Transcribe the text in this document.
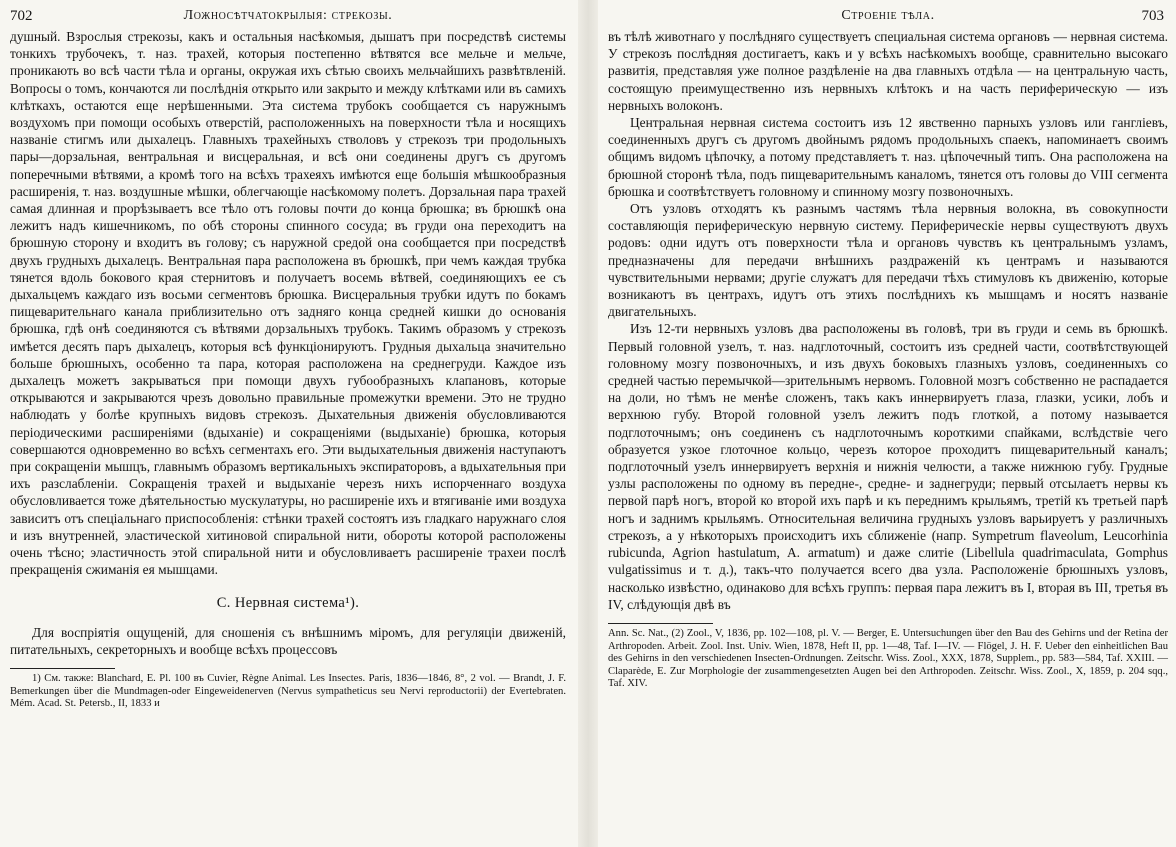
702	Ложносѣтчатокрылыя: стрекозы.

душный. Взрослыя стрекозы, какъ и остальныя насѣкомыя, дышатъ при посредствѣ системы тонкихъ трубочекъ, т. наз. трахей, которыя постепенно вѣтвятся все мельче и мельче, проникають во всѣ части тѣла и органы, окружая ихъ сѣтью своихъ мельчайшихъ развѣтвленій. Вопросы о томъ, кончаются ли послѣднія открыто или закрыто и между клѣтками или въ самихъ клѣткахъ, остаются еще нерѣшенными. Эта система трубокъ сообщается съ наружнымъ воздухомъ при помощи особыхъ отверстій, расположенныхъ на поверхности тѣла и носящихъ названіе стигмъ или дыхалецъ. Главныхъ трахейныхъ стволовъ у стрекозъ три продольныхъ пары—дорзальная, вентральная и висцеральная, и всѣ они соединены другъ съ другомъ поперечными вѣтвями, а кромѣ того на всѣхъ трахеяхъ имѣются еще большія мѣшкообразныя расширенія, т. наз. воздушные мѣшки, облегчающіе насѣкомому полетъ. Дорзальная пара трахей самая длинная и прорѣзываетъ все тѣло отъ головы почти до конца брюшка; въ брюшкѣ она лежитъ надъ кишечникомъ, по обѣ стороны спинного сосуда; въ груди она переходитъ на брюшную сторону и входитъ въ голову; съ наружной средой она сообщается при посредствѣ двухъ грудныхъ дыхалецъ. Вентральная пара расположена въ брюшкѣ, при чемъ каждая трубка тянется вдоль бокового края стернитовъ и получаетъ восемь вѣтвей, соединяющихъ ее съ дыхальцемъ каждаго изъ восьми сегментовъ брюшка. Висцеральныя трубки идутъ по бокамъ пищеварительнаго канала приблизительно отъ задняго конца средней кишки до основанія брюшка, гдѣ онѣ соединяются съ вѣтвями дорзальныхъ трубокъ. Такимъ образомъ у стрекозъ имѣется десять паръ дыхалецъ, которыя всѣ функціонируютъ. Грудныя дыхальца значительно больше брюшныхъ, особенно та пара, которая расположена на среднегруди. Каждое изъ дыхалецъ можетъ закрываться при помощи двухъ губообразныхъ клапановъ, которые открываются и закрываются чрезъ довольно правильные промежутки времени. Это не трудно наблюдать у болѣе крупныхъ видовъ стрекозъ. Дыхательныя движенія обусловливаются періодическими расширеніями (вдыханіе) и сокращеніями (выдыханіе) брюшка, которыя совершаются одновременно во всѣхъ сегментахъ его. Эти выдыхательныя движенія наступаютъ при сокращеніи мышцъ, главнымъ образомъ вертикальныхъ экспираторовъ, а вдыхательныя при ихъ разслабленіи. Сокращенія трахей и выдыханіе черезъ нихъ испорченнаго воздуха обусловливается тоже дѣятельностью мускулатуры, но расширеніе ихъ и втягиваніе ими воздуха зависитъ отъ спеціальнаго приспособленія: стѣнки трахей состоятъ изъ гладкаго наружнаго слоя и изъ внутренней, эластической хитиновой спиральной нити, обороты которой расположены очень тѣсно; эластичность этой спиральной нити и обусловливаетъ расширеніе трахеи послѣ прекращенія сжиманія ея мышцами.

C. Нервная система¹).

Для воспріятія ощущеній, для сношенія съ внѣшнимъ міромъ, для регуляціи движеній, питательныхъ, секреторныхъ и вообще всѣхъ процессовъ

1) См. также: Blanchard, E. Pl. 100 въ Cuvier, Règne Animal. Les Insectes. Paris, 1836—1846, 8°, 2 vol. — Brandt, J. F. Bemerkungen über die Mundmagen-oder Eingeweidenerven (Nervus sympatheticus seu Nervi reproductorii) der Evertebraten. Mém. Acad. St. Petersb., II, 1833 и

Строеніе тѣла.	703

въ тѣлѣ животнаго у послѣдняго существуетъ специальная система органовъ — нервная система. У стрекозъ послѣдняя достигаетъ, какъ и у всѣхъ насѣкомыхъ вообще, сравнительно высокаго развитія, представляя уже полное раздѣленіе на два главныхъ отдѣла — на центральную часть, состоящую преимущественно изъ нервныхъ клѣтокъ и на часть периферическую — изъ нервныхъ волоконъ.

Центральная нервная система состоитъ изъ 12 явственно парныхъ узловъ или гангліевъ, соединенныхъ другъ съ другомъ двойнымъ рядомъ продольныхъ спаекъ, напоминаетъ своимъ общимъ видомъ цѣпочку, а потому представляетъ т. наз. цѣпочечный типъ. Она расположена на брюшной сторонѣ тѣла, подъ пищеварительнымъ каналомъ, тянется отъ головы до VIII сегмента брюшка и соотвѣтствуетъ головному и спинному мозгу позвоночныхъ.

Отъ узловъ отходятъ къ разнымъ частямъ тѣла нервныя волокна, въ совокупности составляющія периферическую нервную систему. Периферическіе нервы существуютъ двухъ родовъ: одни идутъ отъ поверхности тѣла и органовъ чувствъ къ центральнымъ узламъ, предназначены для передачи внѣшнихъ раздраженій къ центрамъ и называются чувствительными нервами; другіе служатъ для передачи тѣхъ стимуловъ къ движенію, которые возникаютъ въ центрахъ, идутъ отъ этихъ послѣднихъ къ мышцамъ и носятъ названіе двигательныхъ.

Изъ 12-ти нервныхъ узловъ два расположены въ головѣ, три въ груди и семь въ брюшкѣ. Первый головной узелъ, т. наз. надглоточный, состоитъ изъ средней части, соотвѣтствующей головному мозгу позвоночныхъ, и изъ двухъ боковыхъ глазныхъ узловъ, соединенныхъ со средней частью перемычкой—зрительнымъ нервомъ. Головной мозгъ собственно не распадается на доли, но тѣмъ не менѣе сложенъ, такъ какъ иннервируетъ глаза, глазки, усики, лобъ и верхнюю губу. Второй головной узелъ лежитъ подъ глоткой, а потому называется подглоточнымъ; онъ соединенъ съ надглоточнымъ короткими спайками, вслѣдствіе чего образуется узкое глоточное кольцо, черезъ которое проходитъ пищеварительный каналъ; подглоточный узелъ иннервируетъ верхнія и нижнія челюсти, а также нижнюю губу. Грудные узлы расположены по одному въ передне-, средне- и заднегруди; первый отсылаетъ нервы къ первой парѣ ногъ, второй ко второй ихъ парѣ и къ переднимъ крыльямъ, третій къ третьей парѣ ногъ и заднимъ крыльямъ. Относительная величина грудныхъ узловъ варьируетъ у различныхъ стрекозъ, а у нѣкоторыхъ происходитъ ихъ сближеніе (напр. Sympetrum flaveolum, Leucorhinia rubicunda, Agrion hastulatum, A. armatum) и даже слитіе (Libellula quadrimaculata, Gomphus vulgatissimus и т. д.), такъ-что получается всего два узла. Расположеніе брюшныхъ узловъ, насколько извѣстно, одинаково для всѣхъ группъ: первая пара лежитъ въ I, вторая въ III, третья въ IV, слѣдующія двѣ въ

Ann. Sc. Nat., (2) Zool., V, 1836, pp. 102—108, pl. V. — Berger, E. Untersuchungen über den Bau des Gehirns und der Retina der Arthropoden. Arbeit. Zool. Inst. Univ. Wien, 1878, Heft II, pp. 1—48, Taf. I—IV. — Flögel, J. H. F. Ueber den einheitlichen Bau des Gehirns in den verschiedenen Insecten-Ordnungen. Zeitschr. Wiss. Zool., XXX, 1878, Supplem., pp. 583—584, Taf. XXIII. — Claparède, E. Zur Morphologie der zusammengesetzten Augen bei den Arthropoden. Zeitschr. Wiss. Zool., X, 1859, p. 204 sqq., Taf. XIV.
